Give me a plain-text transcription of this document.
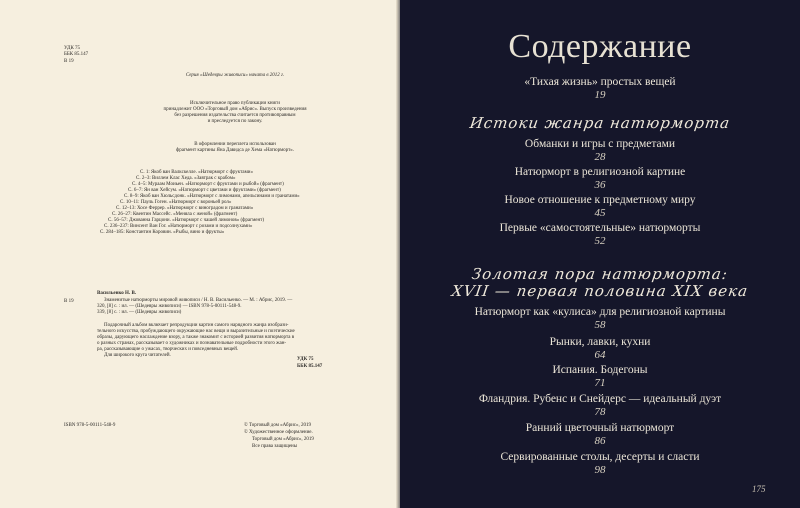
УДК 75
ББК 85.147
В 19
Серия «Шедевры живописи» начата в 2012 г.
Исключительное право публикации книги
принадлежит ООО «Торговый дом «Абрис». Выпуск произведения
без разрешения издательства считается противоправным
и преследуется по закону.
В оформлении переплета использован
фрагмент картины Яна Давидса де Хема «Натюрморт».
С. 1: Якоб ван Валкскелле. «Натюрморт с фруктами»
С. 2–3: Виллем Клас Хеда. «Завтрак с крабом»
С. 4–5: Мураам Моиьен. «Натюрморт с фруктами и рыбой» (фрагмент)
С. 6–7: Ян ван Хейсум. «Натюрморт с цветами и фруктами» (фрагмент)
С. 8–9: Якоб ван Хюльсдонк. «Натюрморт с лимонами, апельсинами и гранатами»
С. 10–11: Пауль Гоген. «Натюрморт с вороньей рол»
С. 12–13: Хосе Феррер. «Натюрморт с виноградом и гранатами»
С. 26–27: Квентин Массейс. «Меняла с женой» (фрагмент)
С. 56–57: Джованна Гарцони. «Натюрморт с чашей лимонов» (фрагмент)
С. 236–237: Винсент Ван Гог. «Натюрморт с розами и подсолнухами»
С. 284–185: Константин Коровин. «Рыбы, вино и фрукты»
В 19
Васильенко Н. В.
Знаменитые натюрморты мировой живописи / Н. В. Васильенко. — М. : Абрис, 2019. —
320, [8] с. : ил. — (Шедевры живописи) — ISBN 978-5-00111-548-9.
339, [8] с. : ил. — (Шедевры живописи)
Подарочный альбом включает репродукции картин самого нарядного жанра изобрази-
тельного искусства, пробуждающего окружающие нас вещи и выразительные и поэтические
образы, дарующего наслаждение взору, а также знакомит с историей развития натюрморта в
о разных странах, рассказывает о художниках и познавательные подробности этого жан-
ра, рассказывающие о ужасах, творческих и повседневных вещей.
Для широкого круга читателей.
УДК 75
ББК 85.147
ISBN 978-5-00111-548-9	© Торговый дом «Абрис», 2019
© Художественное оформление.
Торговый дом «Абрис», 2019
Все права защищены
Содержание
«Тихая жизнь» простых вещей
19
Истоки жанра натюрморта
Обманки и игры с предметами
28
Натюрморт в религиозной картине
36
Новое отношение к предметному миру
45
Первые «самостоятельные» натюрморты
52
Золотая пора натюрморта:
XVII — первая половина XIX века
Натюрморт как «кулиса» для религиозной картины
58
Рынки, лавки, кухни
64
Испания. Бодегоны
71
Фландрия. Рубенс и Снейдерс — идеальный дуэт
78
Ранний цветочный натюрморт
86
Сервированные столы, десерты и сласти
98
175
